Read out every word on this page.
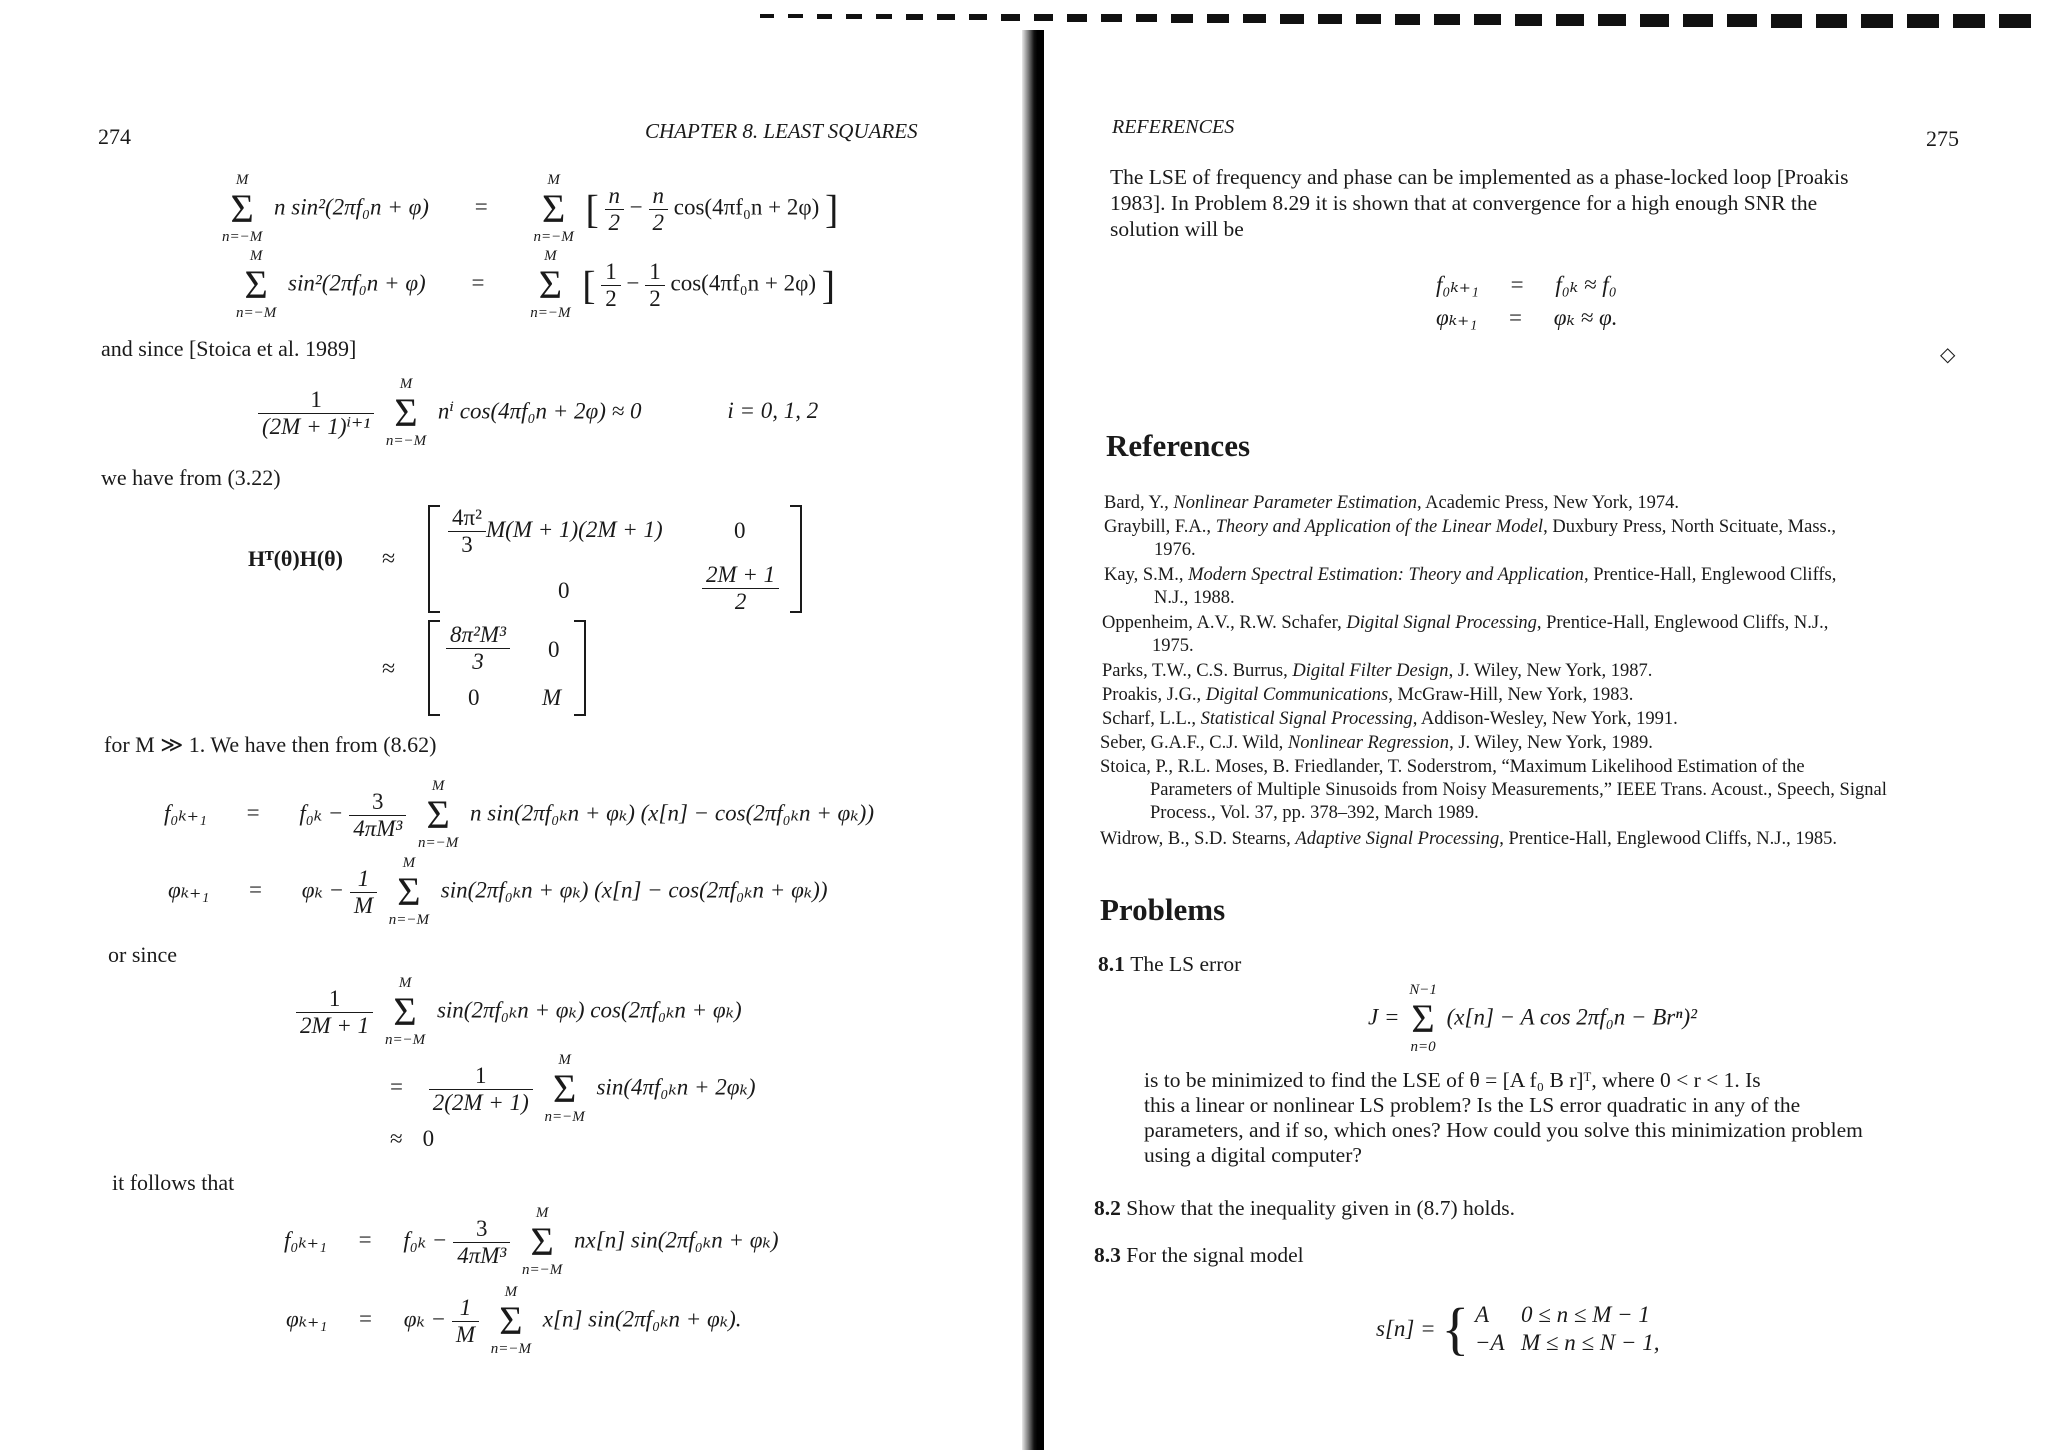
274	CHAPTER 8. LEAST SQUARES
M
Σ
n=−M
n sin²(2πf₀n + φ) =
M
Σ
n=−M
[ $\frac{n}{2} - \frac{n}{2} \cos(4\pi f_0n + 2\varphi)$ ]
M
Σ
n=−M
sin²(2πf₀n + φ) =
M
Σ
n=−M
[ $\frac{1}{2} - \frac{1}{2} \cos(4\pi f_0n + 2\varphi)$ ]
and since [Stoica et al. 1989]
$\frac{1}{\text{(2M + 1)ⁱ⁺¹}}$

M
Σ
n=−M
nⁱ cos(4πf₀n + 2φ) ≈ 0	i = 0, 1, 2
we have from (3.22)
Hᵀ(θ)H(θ) ≈
$\frac{\text{4π²}}{3} M(M + 1)(2M + 1)$	0
0	$\frac{2M + 1}{2}$
≈ $\frac{\text{8π²M³}}{3} 0$
0	M
for M ≫ 1. We have then from (8.62)
$f_{0k+1} = f_{0k} - \frac{3}{\text{4πM³}}$

M
Σ
n=−M
n sin(2πf₀ₖn + φₖ) (x[n] − cos(2πf₀ₖn + φₖ))
$\varphi_{k+1} = \varphi_k - \frac{1}{M}$

M
Σ
n=−M
sin(2πf₀ₖn + φₖ) (x[n] − cos(2πf₀ₖn + φₖ))
or since
$\frac{1}{2M + 1}$

M
Σ
n=−M
sin(2πf₀ₖn + φₖ) cos(2πf₀ₖn + φₖ)
= $\frac{1}{2(2M + 1)}$

M
Σ
n=−M
sin(4πf₀ₖn + 2φₖ)
≈ 0
it follows that
$f_{0k+1} = f_{0k} - \frac{3}{\text{4πM³}}$

M
Σ
n=−M
nx[n] sin(2πf₀ₖn + φₖ)
$\varphi_{k+1} = \varphi_k - \frac{1}{M}$

M
Σ
n=−M
x[n] sin(2πf₀ₖn + φₖ).
REFERENCES	275
The LSE of frequency and phase can be implemented as a phase-locked loop [Proakis
1983]. In Problem 8.29 it is shown that at convergence for a high enough SNR the
solution will be
f₀ₖ₊₁ = f₀ₖ ≈ f₀
φₖ₊₁ = φₖ ≈ φ.
◇
References
Bard, Y., Nonlinear Parameter Estimation, Academic Press, New York, 1974.
Graybill, F.A., Theory and Application of the Linear Model, Duxbury Press, North Scituate, Mass.,
1976.
Kay, S.M., Modern Spectral Estimation: Theory and Application, Prentice-Hall, Englewood Cliffs,
N.J., 1988.
Oppenheim, A.V., R.W. Schafer, Digital Signal Processing, Prentice-Hall, Englewood Cliffs, N.J.,
1975.
Parks, T.W., C.S. Burrus, Digital Filter Design, J. Wiley, New York, 1987.
Proakis, J.G., Digital Communications, McGraw-Hill, New York, 1983.
Scharf, L.L., Statistical Signal Processing, Addison-Wesley, New York, 1991.
Seber, G.A.F., C.J. Wild, Nonlinear Regression, J. Wiley, New York, 1989.
Stoica, P., R.L. Moses, B. Friedlander, T. Soderstrom, “Maximum Likelihood Estimation of the
Parameters of Multiple Sinusoids from Noisy Measurements,” IEEE Trans. Acoust., Speech, Signal Process., Vol. 37, pp. 378–392, March 1989.
Widrow, B., S.D. Stearns, Adaptive Signal Processing, Prentice-Hall, Englewood Cliffs, N.J., 1985.
Problems
8.1 The LS error
J =
N−1
Σ
n=0
(x[n] − A cos 2πf₀n − Brⁿ)²
is to be minimized to find the LSE of θ = [A f₀ B r]ᵀ, where 0 < r < 1. Is
this a linear or nonlinear LS problem? Is the LS error quadratic in any of the
parameters, and if so, which ones? How could you solve this minimization problem
using a digital computer?
8.2 Show that the inequality given in (8.7) holds.
8.3 For the signal model
s[n] = { A 0 ≤ n ≤ M − 1
−A M ≤ n ≤ N − 1,
